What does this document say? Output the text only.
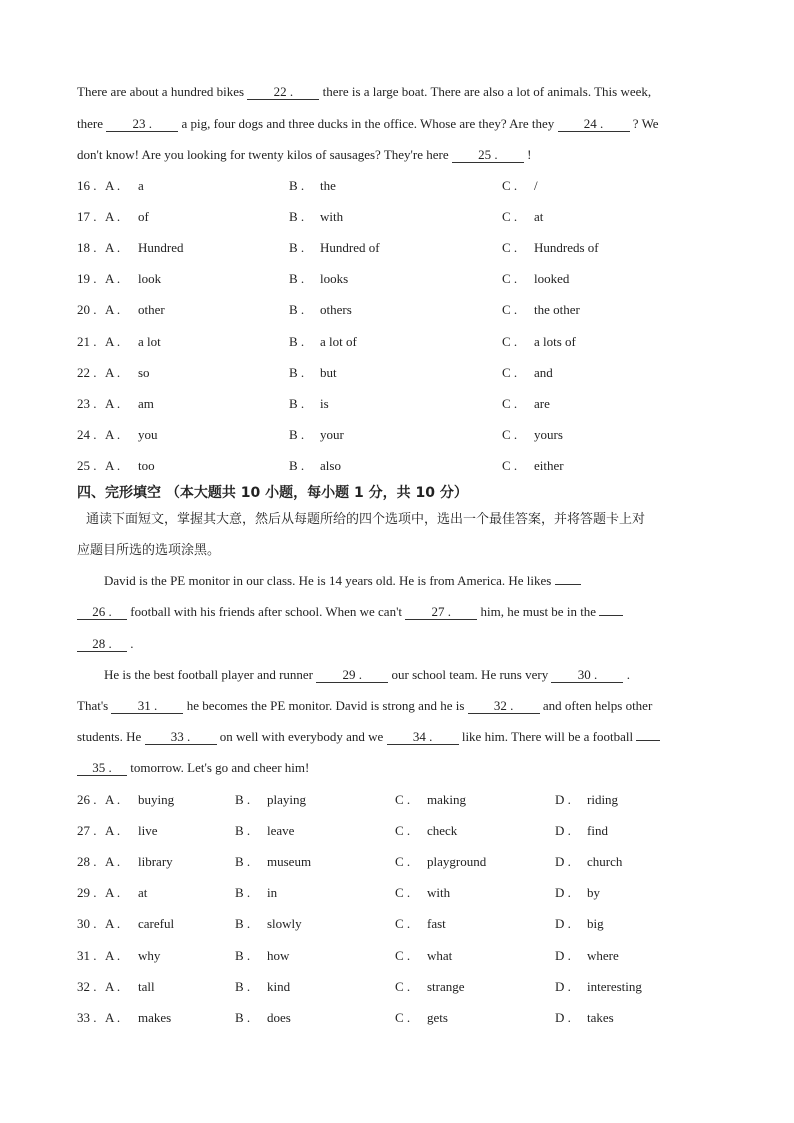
There are about a hundred bikes 22 . there is a large boat. There are also a lot of animals. This week,
there 23 . a pig, four dogs and three ducks in the office. Whose are they? Are they 24 . ? We
don't know! Are you looking for twenty kilos of sausages? They're here 25 . !
16 . A . a	B . the	C . /
17 . A . of	B . with	C . at
18 . A . Hundred	B . Hundred of	C . Hundreds of
19 . A . look	B . looks	C . looked
20 . A . other	B . others	C . the other
21 . A . a lot	B . a lot of	C . a lots of
22 . A . so	B . but	C . and
23 . A . am	B . is	C . are
24 . A . you	B . your	C . yours
25 . A . too	B . also	C . either
四、完形填空 （本大题共 10 小题，每小题 1 分，共 10 分）
通读下面短文，掌握其大意，然后从每题所给的四个选项中，选出一个最佳答案，并将答题卡上对
应题目所选的选项涂黑。
David is the PE monitor in our class. He is 14 years old. He is from America. He likes
26 . football with his friends after school. When we can't 27 . him, he must be in the
28 . .
He is the best football player and runner 29 . our school team. He runs very 30 . .
That's 31 . he becomes the PE monitor. David is strong and he is 32 . and often helps other
students. He 33 . on well with everybody and we 34 . like him. There will be a football
35 . tomorrow. Let's go and cheer him!
26 . A . buying	B . playing	C . making	D . riding
27 . A . live	B . leave	C . check	D . find
28 . A . library	B . museum	C . playground	D . church
29 . A . at	B . in	C . with	D . by
30 . A . careful	B . slowly	C . fast	D . big
31 . A . why	B . how	C . what	D . where
32 . A . tall	B . kind	C . strange	D . interesting
33 . A . makes	B . does	C . gets	D . takes
